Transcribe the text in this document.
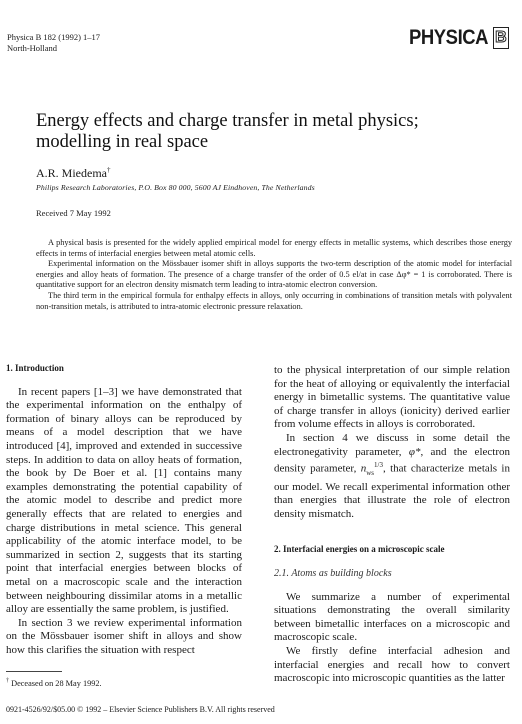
Physica B 182 (1992) 1–17
North-Holland	PHYSICA B
Energy effects and charge transfer in metal physics;
modelling in real space
A.R. Miedema†
Philips Research Laboratories, P.O. Box 80 000, 5600 AJ Eindhoven, The Netherlands
Received 7 May 1992

A physical basis is presented for the widely applied empirical model for energy effects in metallic systems, which describes those energy effects in terms of interfacial energies between metal atomic cells.

Experimental information on the Mössbauer isomer shift in alloys supports the two-term description of the atomic model for interfacial energies and alloy heats of formation. The presence of a charge transfer of the order of 0.5 el/at in case Δφ* = 1 is corroborated. There is quantitative support for an electron density mismatch term leading to intra-atomic electron conversion.

The third term in the empirical formula for enthalpy effects in alloys, only occurring in combinations of transition metals with polyvalent non-transition metals, is attributed to intra-atomic electronic pressure relaxation.

1. Introduction

In recent papers [1–3] we have demonstrated that the experimental information on the enthalpy of formation of binary alloys can be reproduced by means of a model description that we have introduced [4], improved and extended in successive steps. In addition to data on alloy heats of formation, the book by De Boer et al. [1] contains many examples demonstrating the potential capability of the atomic model to describe and predict more generally effects that are related to energies and charge distributions in metal science. This general applicability of the atomic interface model, to be summarized in section 2, suggests that its starting point that interfacial energies between blocks of metal on a macroscopic scale and the interaction between neighbouring dissimilar atoms in a metallic alloy are essentially the same problem, is justified.

In section 3 we review experimental information on the Mössbauer isomer shift in alloys and show how this clarifies the situation with respect

to the physical interpretation of our simple relation for the heat of alloying or equivalently the interfacial energy in bimetallic systems. The quantitative value of charge transfer in alloys (ionicity) derived earlier from volume effects in alloys is corroborated.

In section 4 we discuss in some detail the electronegativity parameter, φ*, and the electron density parameter, $n_{ws}^{1/3}$, that characterize metals in our model. We recall experimental information other than energies that illustrate the role of electron density mismatch.

2. Interfacial energies on a microscopic scale
2.1. Atoms as building blocks

We summarize a number of experimental situations demonstrating the overall similarity between bimetallic interfaces on a microscopic and macroscopic scale.

We firstly define interfacial adhesion and interfacial energies and recall how to convert macroscopic into microscopic quantities as the latter

† Deceased on 28 May 1992.
0921-4526/92/$05.00 © 1992 – Elsevier Science Publishers B.V. All rights reserved
